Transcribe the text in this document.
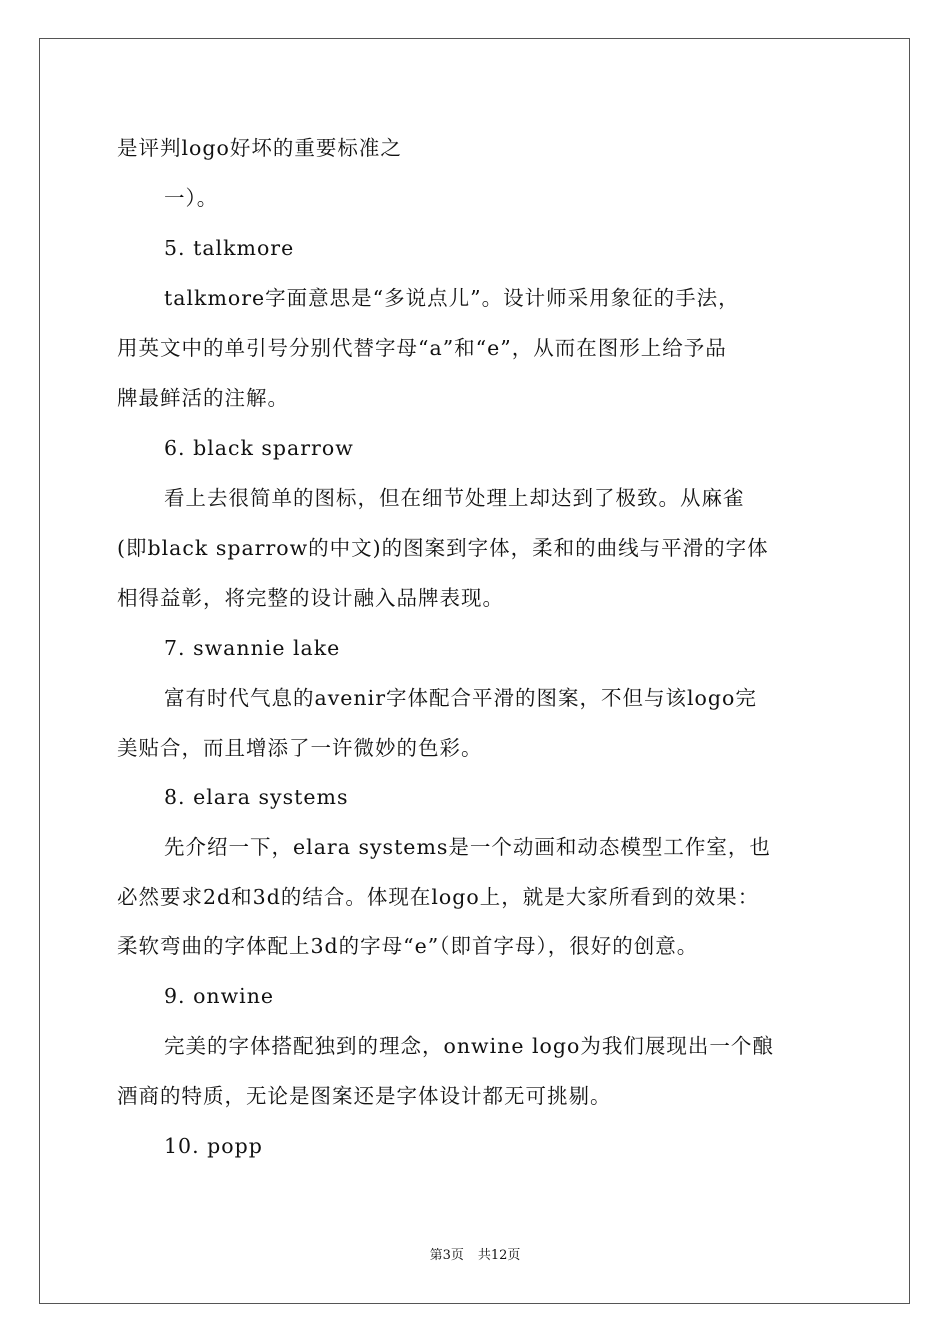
是评判logo好坏的重要标准之
一）。
5. talkmore
talkmore字面意思是“多说点儿”。设计师采用象征的手法，
用英文中的单引号分别代替字母“a”和“e”，从而在图形上给予品
牌最鲜活的注解。
6. black sparrow
看上去很简单的图标，但在细节处理上却达到了极致。从麻雀
(即black sparrow的中文)的图案到字体，柔和的曲线与平滑的字体
相得益彰，将完整的设计融入品牌表现。
7. swannie lake
富有时代气息的avenir字体配合平滑的图案，不但与该logo完
美贴合，而且增添了一许微妙的色彩。
8. elara systems
先介绍一下，elara systems是一个动画和动态模型工作室，也
必然要求2d和3d的结合。体现在logo上，就是大家所看到的效果：
柔软弯曲的字体配上3d的字母“e”（即首字母），很好的创意。
9. onwine
完美的字体搭配独到的理念，onwine logo为我们展现出一个酿
酒商的特质，无论是图案还是字体设计都无可挑剔。
10. popp
第3页 共12页
